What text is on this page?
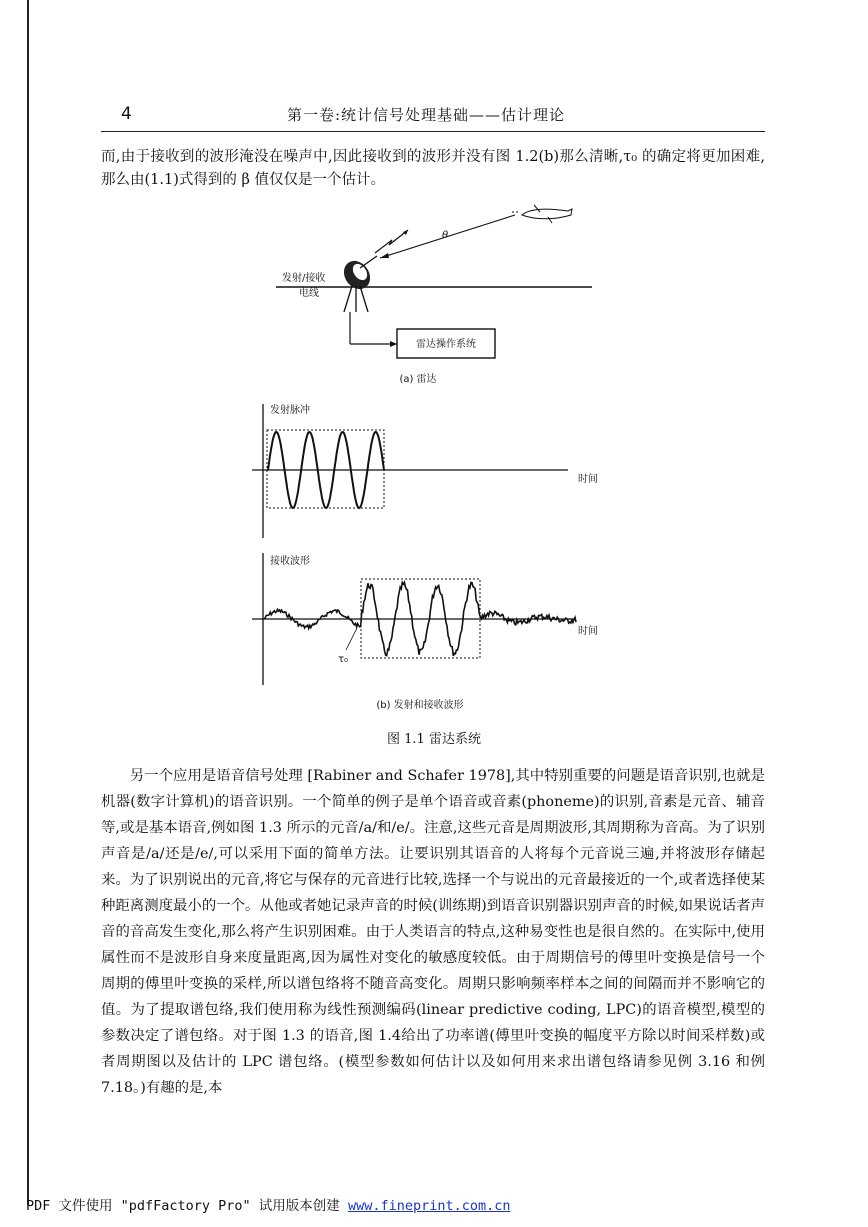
4	第一卷:统计信号处理基础——估计理论

而,由于接收到的波形淹没在噪声中,因此接收到的波形并没有图 1.2(b)那么清晰,τ₀ 的确定将更加困难,那么由(1.1)式得到的 β 值仅仅是一个估计。

θ
发射/接收
电线
雷达操作系统
(a) 雷达
发射脉冲
时间
接收波形
时间
τ₀
(b) 发射和接收波形
图 1.1 雷达系统

另一个应用是语音信号处理 [Rabiner and Schafer 1978],其中特别重要的问题是语音识别,也就是机器(数字计算机)的语音识别。一个简单的例子是单个语音或音素(phoneme)的识别,音素是元音、辅音等,或是基本语音,例如图 1.3 所示的元音/a/和/e/。注意,这些元音是周期波形,其周期称为音高。为了识别声音是/a/还是/e/,可以采用下面的简单方法。让要识别其语音的人将每个元音说三遍,并将波形存储起来。为了识别说出的元音,将它与保存的元音进行比较,选择一个与说出的元音最接近的一个,或者选择使某种距离测度最小的一个。从他或者她记录声音的时候(训练期)到语音识别器识别声音的时候,如果说话者声音的音高发生变化,那么将产生识别困难。由于人类语言的特点,这种易变性也是很自然的。在实际中,使用属性而不是波形自身来度量距离,因为属性对变化的敏感度较低。由于周期信号的傅里叶变换是信号一个周期的傅里叶变换的采样,所以谱包络将不随音高变化。周期只影响频率样本之间的间隔而并不影响它的值。为了提取谱包络,我们使用称为线性预测编码(linear predictive coding, LPC)的语音模型,模型的参数决定了谱包络。对于图 1.3 的语音,图 1.4给出了功率谱(傅里叶变换的幅度平方除以时间采样数)或者周期图以及估计的 LPC 谱包络。(模型参数如何估计以及如何用来求出谱包络请参见例 3.16 和例 7.18。)有趣的是,本

PDF 文件使用 "pdfFactory Pro" 试用版本创建 www.fineprint.com.cn
